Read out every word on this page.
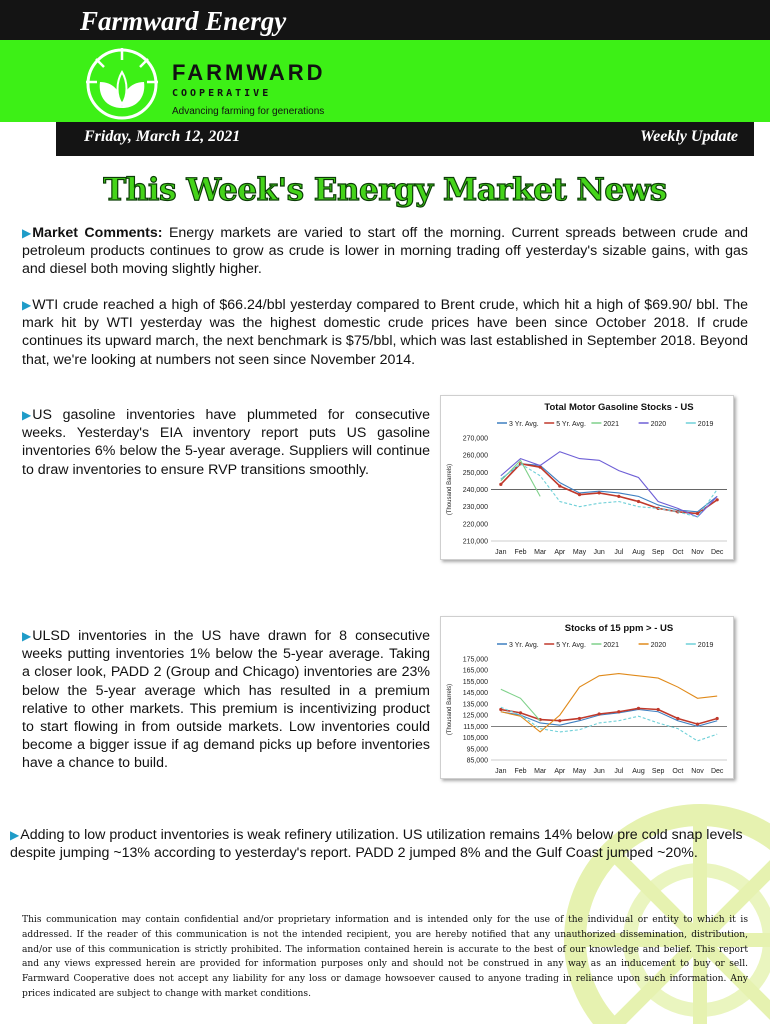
Farmward Energy
FARMWARD
COOPERATIVE
Advancing farming for generations
Friday, March 12, 2021	Weekly Update
This Week's Energy Market News
▶Market Comments: Energy markets are varied to start off the morning. Current spreads between crude and petroleum products continues to grow as crude is lower in morning trading off yesterday's sizable gains, with gas and diesel both moving slightly higher.
▶WTI crude reached a high of $66.24/bbl yesterday compared to Brent crude, which hit a high of $69.90/ bbl. The mark hit by WTI yesterday was the highest domestic crude prices have been since October 2018. If crude continues its upward march, the next benchmark is $75/bbl, which was last established in September 2018. Beyond that, we're looking at numbers not seen since November 2014.
▶US gasoline inventories have plummeted for consecutive weeks. Yesterday's EIA inventory report puts US gasoline inventories 6% below the 5-year average. Suppliers will continue to draw inventories to ensure RVP transitions smoothly.
▶ULSD inventories in the US have drawn for 8 consecutive weeks putting inventories 1% below the 5-year average. Taking a closer look, PADD 2 (Group and Chicago) inventories are 23% below the 5-year average which has resulted in a premium relative to other markets. This premium is incentivizing product to start flowing in from outside markets. Low inventories could become a bigger issue if ag demand picks up before inventories have a chance to build.
▶Adding to low product inventories is weak refinery utilization. US utilization remains 14% below pre cold snap levels despite jumping ~13% according to yesterday's report. PADD 2 jumped 8% and the Gulf Coast jumped ~20%.
Total Motor Gasoline Stocks - US
3 Yr. Avg. 5 Yr. Avg. 2021	2020	2019
270,000
260,000
250,000
240,000
230,000
220,000
210,000
(Thousand Barrels)
Jan Feb Mar Apr May Jun Jul Aug Sep Oct Nov Dec
Stocks of 15 ppm > - US
3 Yr. Avg. 5 Yr. Avg. 2021	2020	2019
175,000
165,000
155,000
145,000
135,000
125,000
115,000
105,000
95,000
85,000
(Thousand Barrels)
Jan Feb Mar Apr May Jun Jul Aug Sep Oct Nov Dec
This communication may contain confidential and/or proprietary information and is intended only for the use of the individual or entity to which it is addressed. If the reader of this communication is not the intended recipient, you are hereby notified that any unauthorized dissemination, distribution, and/or use of this communication is strictly prohibited. The information contained herein is accurate to the best of our knowledge and belief. This report and any views expressed herein are provided for information purposes only and should not be construed in any way as an inducement to buy or sell. Farmward Cooperative does not accept any liability for any loss or damage howsoever caused to anyone trading in reliance upon such information. Any prices indicated are subject to change with market conditions.
